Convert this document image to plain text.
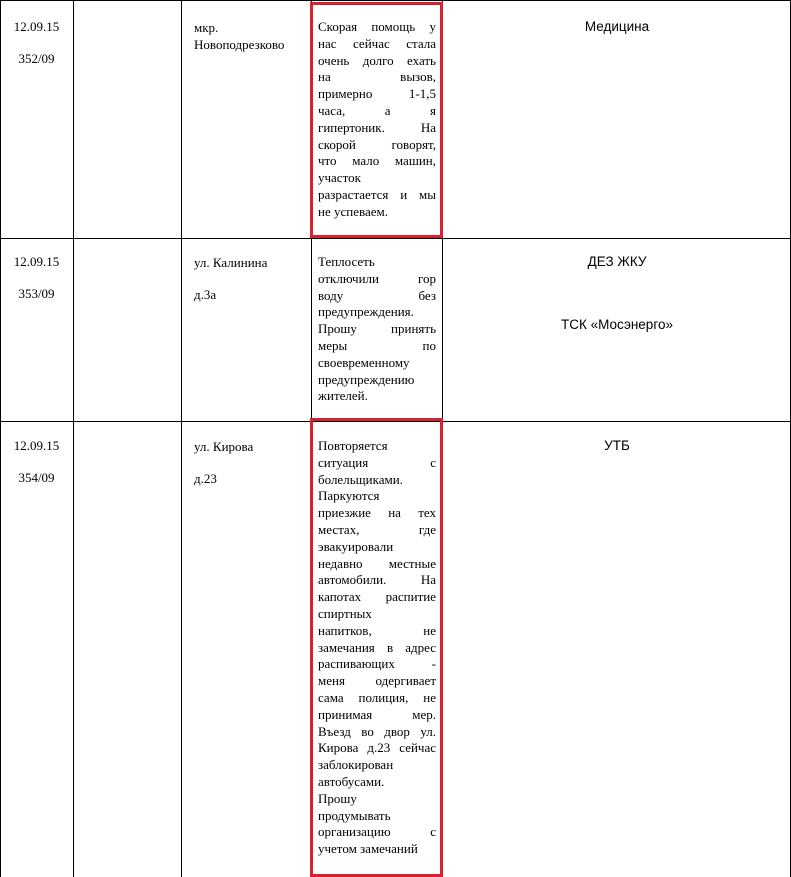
12.09.15
352/09
мкр. Новоподрезково
Скорая помощь у
нас сейчас стала
очень долго ехать
на вызов,
примерно 1-1,5
часа, а я
гипертоник. На
скорой говорят,
что мало машин,
участок
разрастается и мы
не успеваем.
Медицина
12.09.15
353/09
ул. Калинина
д.3а
Теплосеть
отключили гор
воду без
предупреждения.
Прошу принять
меры по
своевременному
предупреждению
жителей.
ДЕЗ ЖКУ
ТСК «Мосэнерго»
12.09.15
354/09
ул. Кирова
д.23
Повторяется
ситуация с
болельщиками.
Паркуются
приезжие на тех
местах, где
эвакуировали
недавно местные
автомобили. На
капотах распитие
спиртных
напитков, не
замечания в адрес
распивающих -
меня одергивает
сама полиция, не
принимая мер.
Въезд во двор ул.
Кирова д.23 сейчас
заблокирован
автобусами.
Прошу
продумывать
организацию с
учетом замечаний
УТБ
